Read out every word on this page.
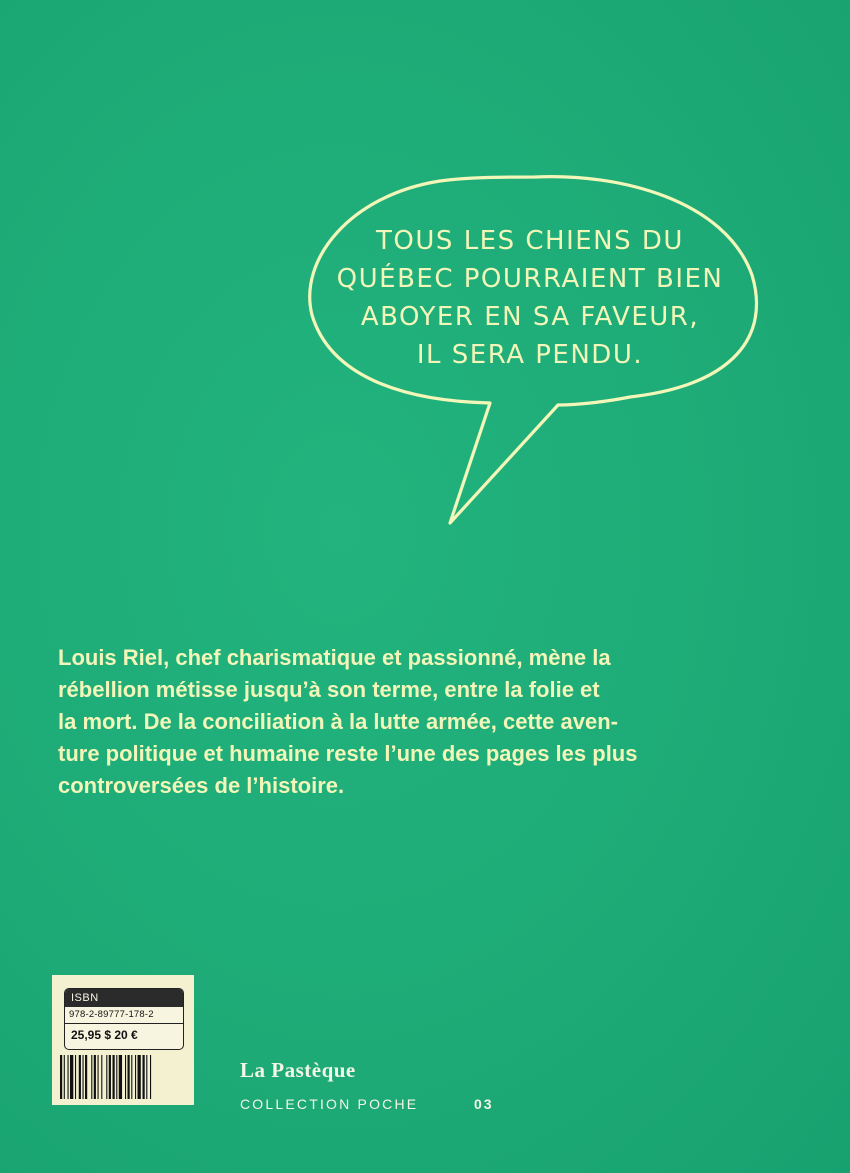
TOUS LES CHIENS DU
QUÉBEC POURRAIENT BIEN
ABOYER EN SA FAVEUR,
IL SERA PENDU.
Louis Riel, chef charismatique et passionné, mène la
rébellion métisse jusqu’à son terme, entre la folie et
la mort. De la conciliation à la lutte armée, cette aven-
ture politique et humaine reste l’une des pages les plus
controversées de l’histoire.
ISBN
978-2-89777-178-2
25,95 $ 20 €
La Pastèque
COLLECTION POCHE	03
